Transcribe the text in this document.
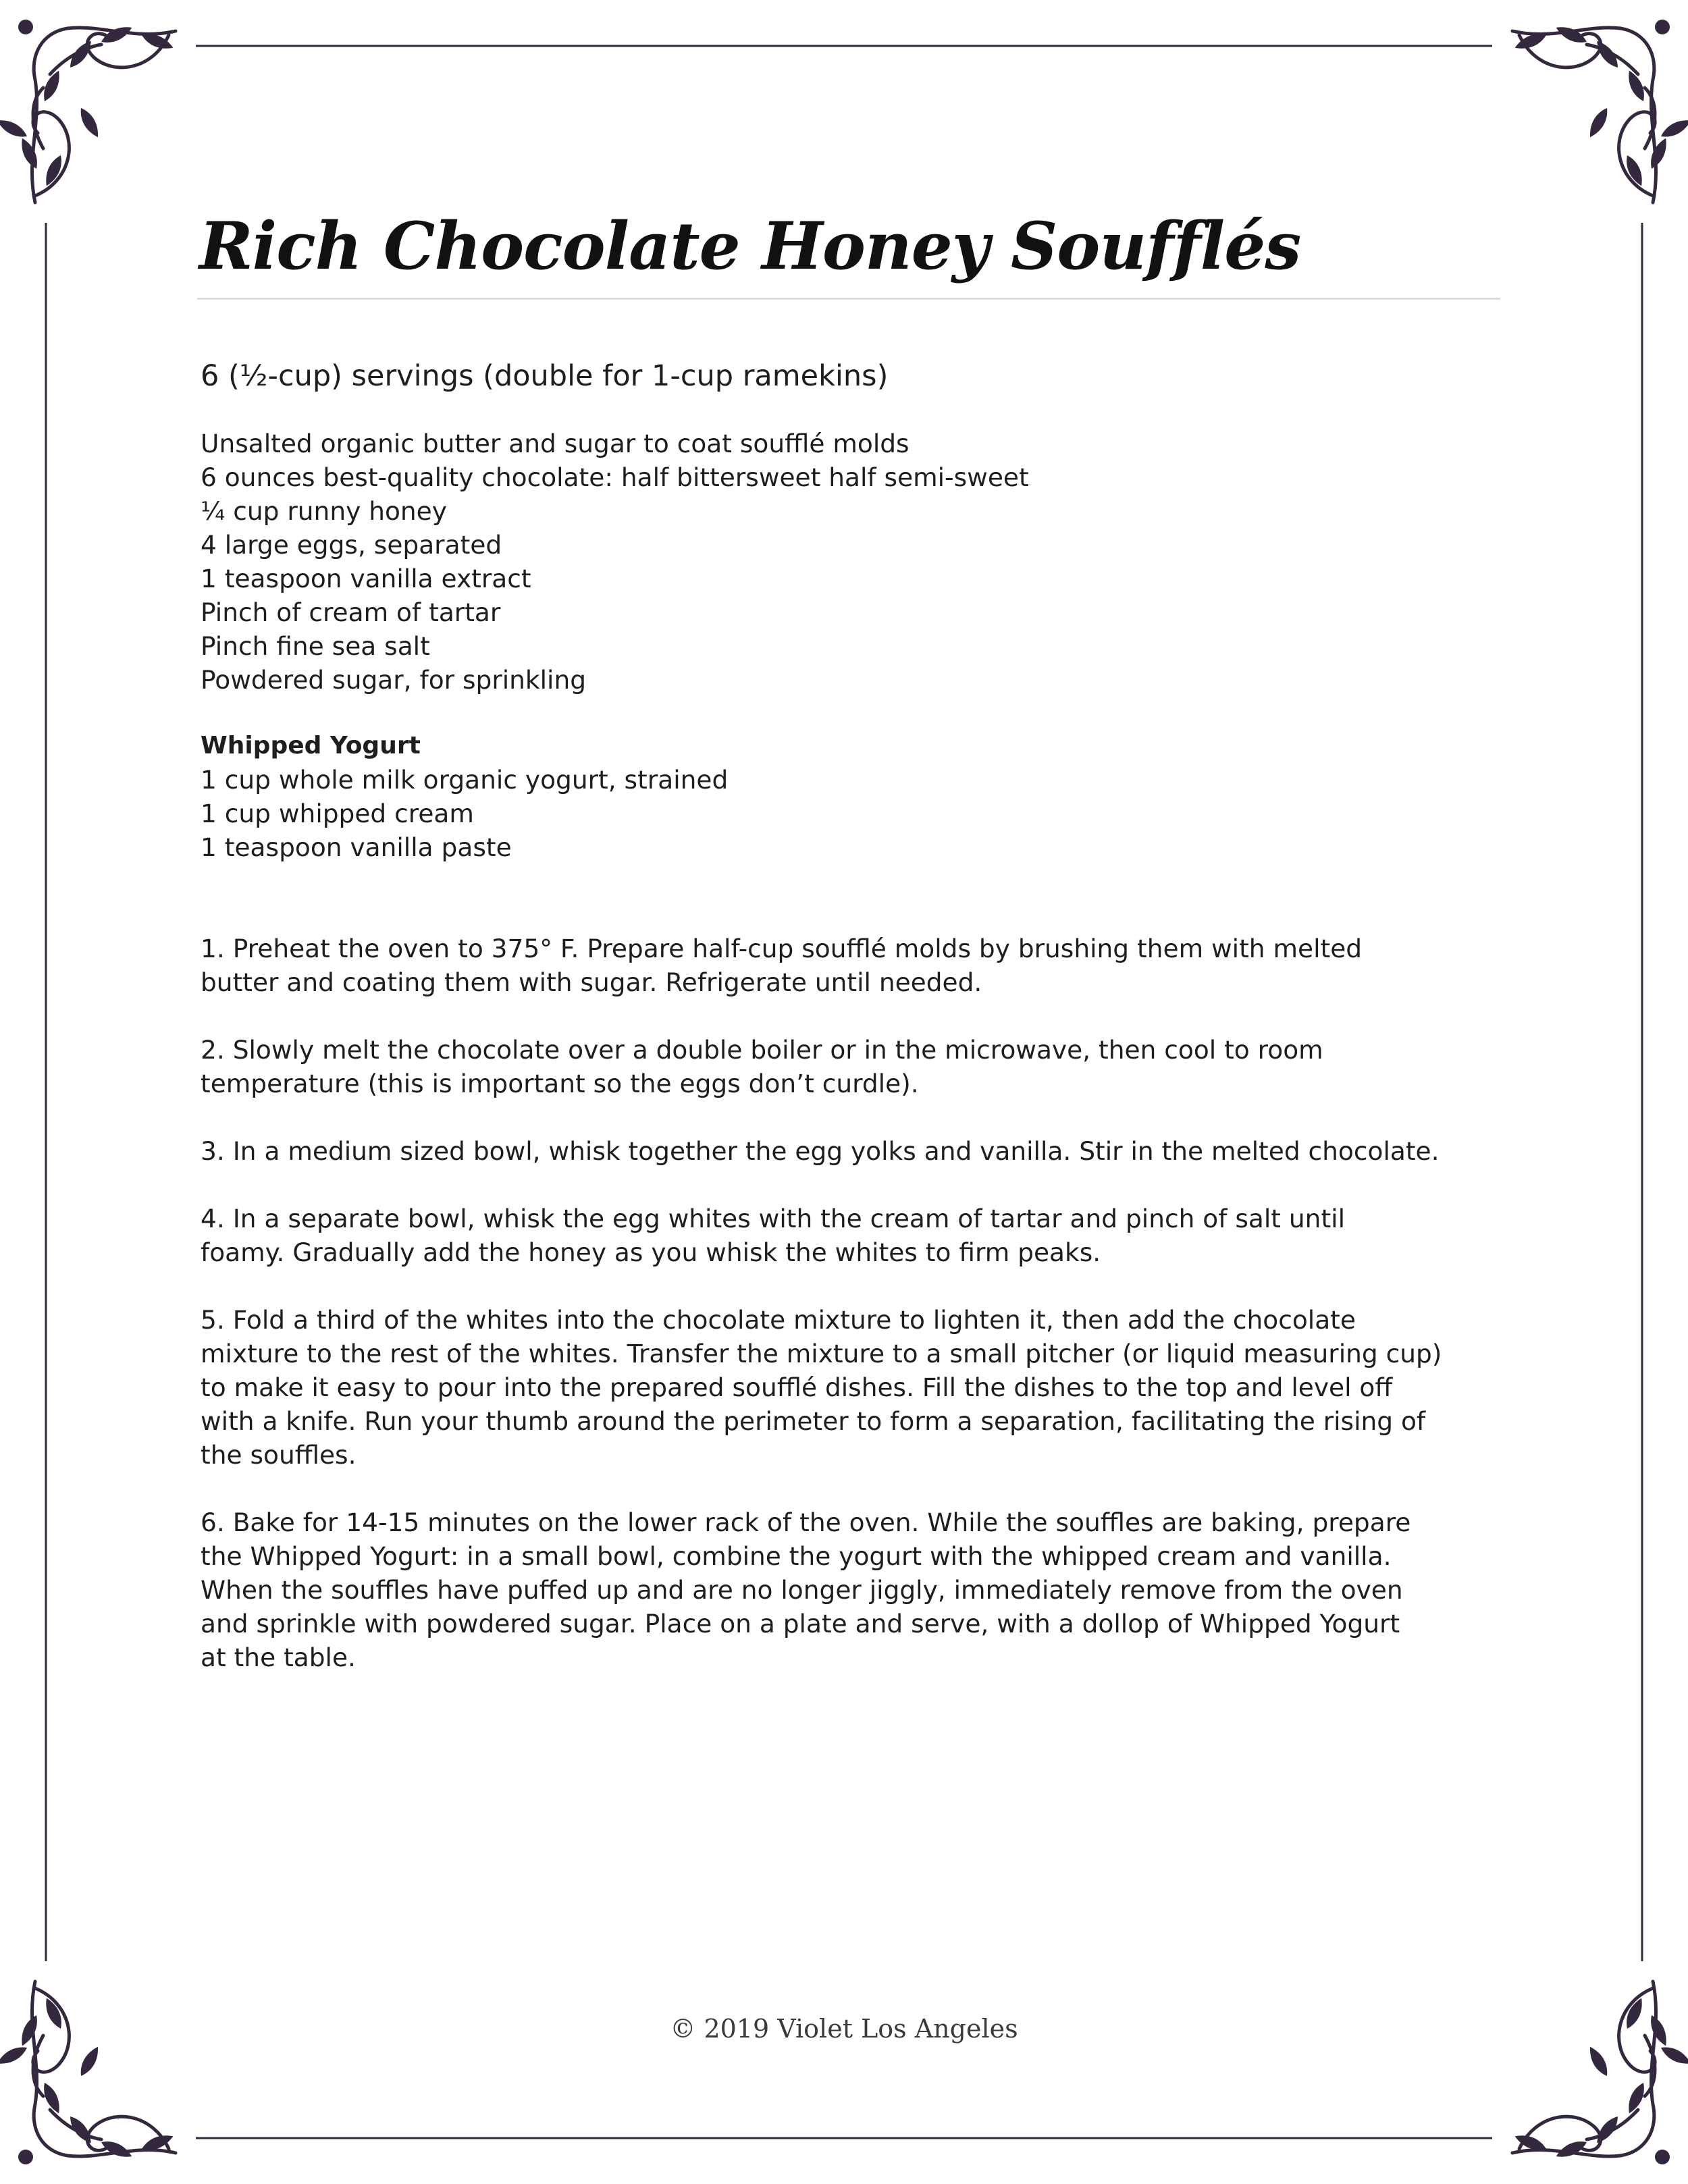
Rich Chocolate Honey Soufflés
6 (½-cup) servings (double for 1-cup ramekins)
Unsalted organic butter and sugar to coat soufflé molds
6 ounces best-quality chocolate: half bittersweet half semi-sweet
¼ cup runny honey
4 large eggs, separated
1 teaspoon vanilla extract
Pinch of cream of tartar
Pinch fine sea salt
Powdered sugar, for sprinkling
Whipped Yogurt
1 cup whole milk organic yogurt, strained
1 cup whipped cream
1 teaspoon vanilla paste
1. Preheat the oven to 375° F. Prepare half-cup soufflé molds by brushing them with melted
butter and coating them with sugar. Refrigerate until needed.
2. Slowly melt the chocolate over a double boiler or in the microwave, then cool to room
temperature (this is important so the eggs don’t curdle).
3. In a medium sized bowl, whisk together the egg yolks and vanilla. Stir in the melted chocolate.
4. In a separate bowl, whisk the egg whites with the cream of tartar and pinch of salt until
foamy. Gradually add the honey as you whisk the whites to firm peaks.
5. Fold a third of the whites into the chocolate mixture to lighten it, then add the chocolate
mixture to the rest of the whites. Transfer the mixture to a small pitcher (or liquid measuring cup)
to make it easy to pour into the prepared soufflé dishes. Fill the dishes to the top and level off
with a knife. Run your thumb around the perimeter to form a separation, facilitating the rising of
the souffles.
6. Bake for 14-15 minutes on the lower rack of the oven. While the souffles are baking, prepare
the Whipped Yogurt: in a small bowl, combine the yogurt with the whipped cream and vanilla.
When the souffles have puffed up and are no longer jiggly, immediately remove from the oven
and sprinkle with powdered sugar. Place on a plate and serve, with a dollop of Whipped Yogurt
at the table.
© 2019 Violet Los Angeles
